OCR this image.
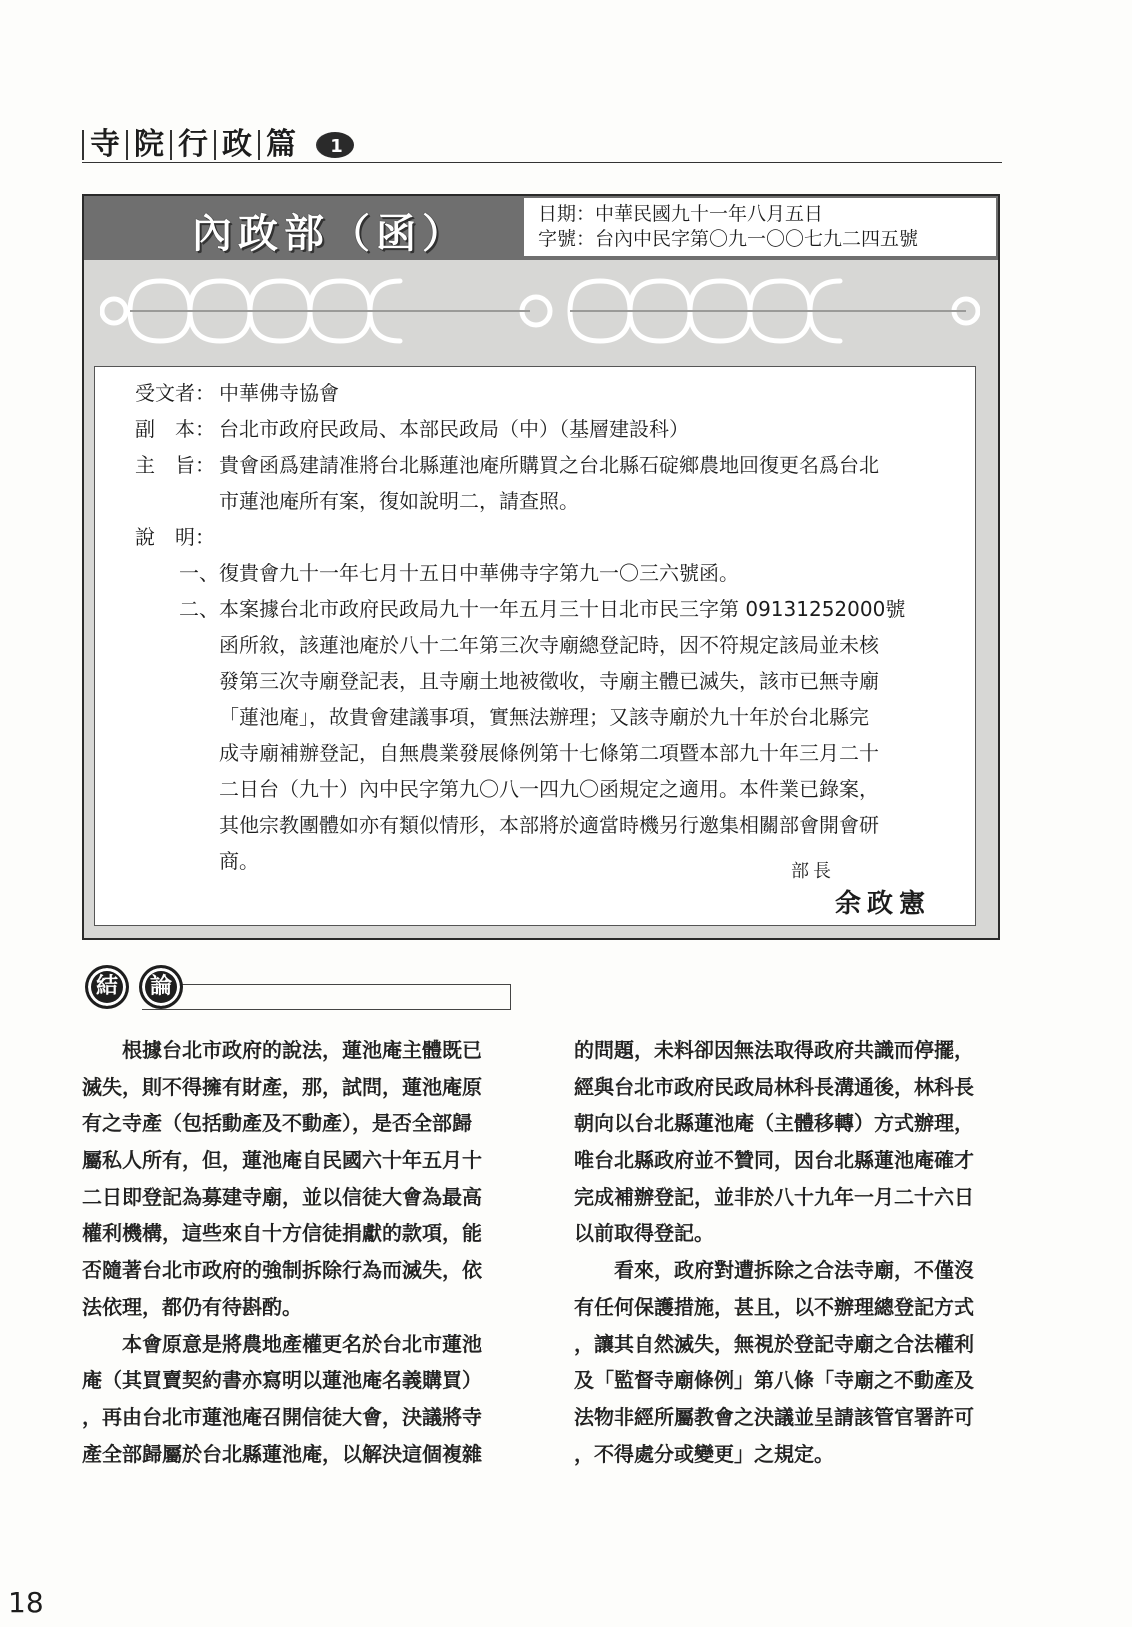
寺 院 行 政 篇 1
內政部（函）	日期：中華民國九十一年八月五日
字號：台內中民字第〇九一〇〇七九二四五號
受文者： 中華佛寺協會
副　本： 台北市政府民政局、本部民政局（中）（基層建設科）
主　旨： 貴會函爲建請准將台北縣蓮池庵所購買之台北縣石碇鄉農地回復更名爲台北
市蓮池庵所有案，復如說明二，請查照。
說　明：
一、復貴會九十一年七月十五日中華佛寺字第九一〇三六號函。
二、本案據台北市政府民政局九十一年五月三十日北市民三字第 09131252000號
函所敘，該蓮池庵於八十二年第三次寺廟總登記時，因不符規定該局並未核
發第三次寺廟登記表，且寺廟土地被徵收，寺廟主體已滅失，該市已無寺廟
「蓮池庵」，故貴會建議事項，實無法辦理；又該寺廟於九十年於台北縣完
成寺廟補辦登記，自無農業發展條例第十七條第二項暨本部九十年三月二十
二日台（九十）內中民字第九〇八一四九〇函規定之適用。本件業已錄案，
其他宗教團體如亦有類似情形，本部將於適當時機另行邀集相關部會開會研
商。	部長
余政憲
結	論
　　根據台北市政府的說法，蓮池庵主體既已
滅失，則不得擁有財產，那，試問，蓮池庵原
有之寺產（包括動產及不動產），是否全部歸
屬私人所有，但，蓮池庵自民國六十年五月十
二日即登記為募建寺廟，並以信徒大會為最高
權利機構，這些來自十方信徒捐獻的款項，能
否隨著台北市政府的強制拆除行為而滅失，依
法依理，都仍有待斟酌。
　　本會原意是將農地產權更名於台北市蓮池
庵（其買賣契約書亦寫明以蓮池庵名義購買）
，再由台北市蓮池庵召開信徒大會，決議將寺
產全部歸屬於台北縣蓮池庵，以解決這個複雜
的問題，未料卻因無法取得政府共識而停擺，
經與台北市政府民政局林科長溝通後，林科長
朝向以台北縣蓮池庵（主體移轉）方式辦理，
唯台北縣政府並不贊同，因台北縣蓮池庵確才
完成補辦登記，並非於八十九年一月二十六日
以前取得登記。
　　看來，政府對遭拆除之合法寺廟，不僅沒
有任何保護措施，甚且，以不辦理總登記方式
，讓其自然滅失，無視於登記寺廟之合法權利
及「監督寺廟條例」第八條「寺廟之不動產及
法物非經所屬教會之決議並呈請該管官署許可
，不得處分或變更」之規定。
18
